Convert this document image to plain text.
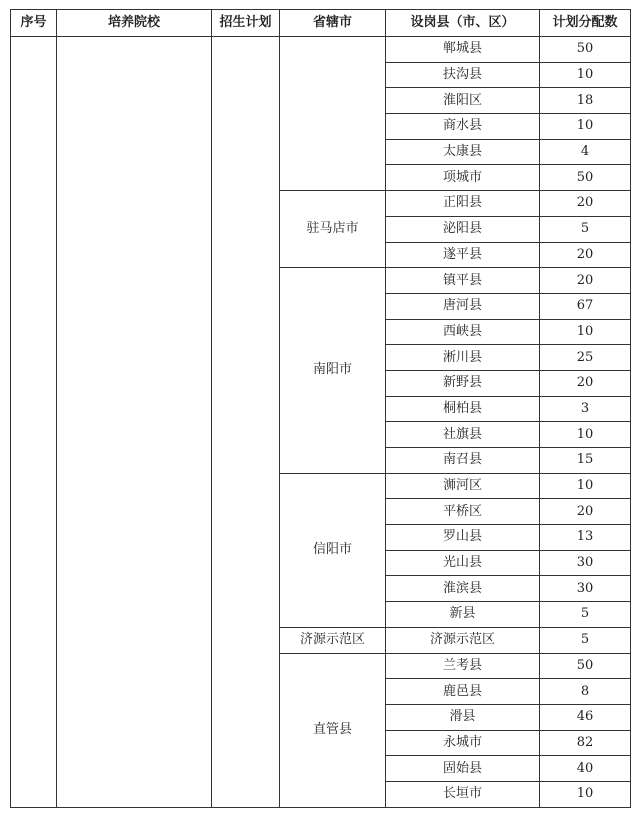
序号	培养院校	招生计划	省辖市	设岗县（市、区）	计划分配数
				郸城县	50
				扶沟县	10
				淮阳区	18
				商水县	10
				太康县	4
				项城市	50
			驻马店市	正阳县	20
				泌阳县	5
				遂平县	20
			南阳市	镇平县	20
				唐河县	67
				西峡县	10
				淅川县	25
				新野县	20
				桐柏县	3
				社旗县	10
				南召县	15
			信阳市	浉河区	10
				平桥区	20
				罗山县	13
				光山县	30
				淮滨县	30
				新县	5
			济源示范区	济源示范区	5
			直管县	兰考县	50
				鹿邑县	8
				滑县	46
				永城市	82
				固始县	40
				长垣市	10
